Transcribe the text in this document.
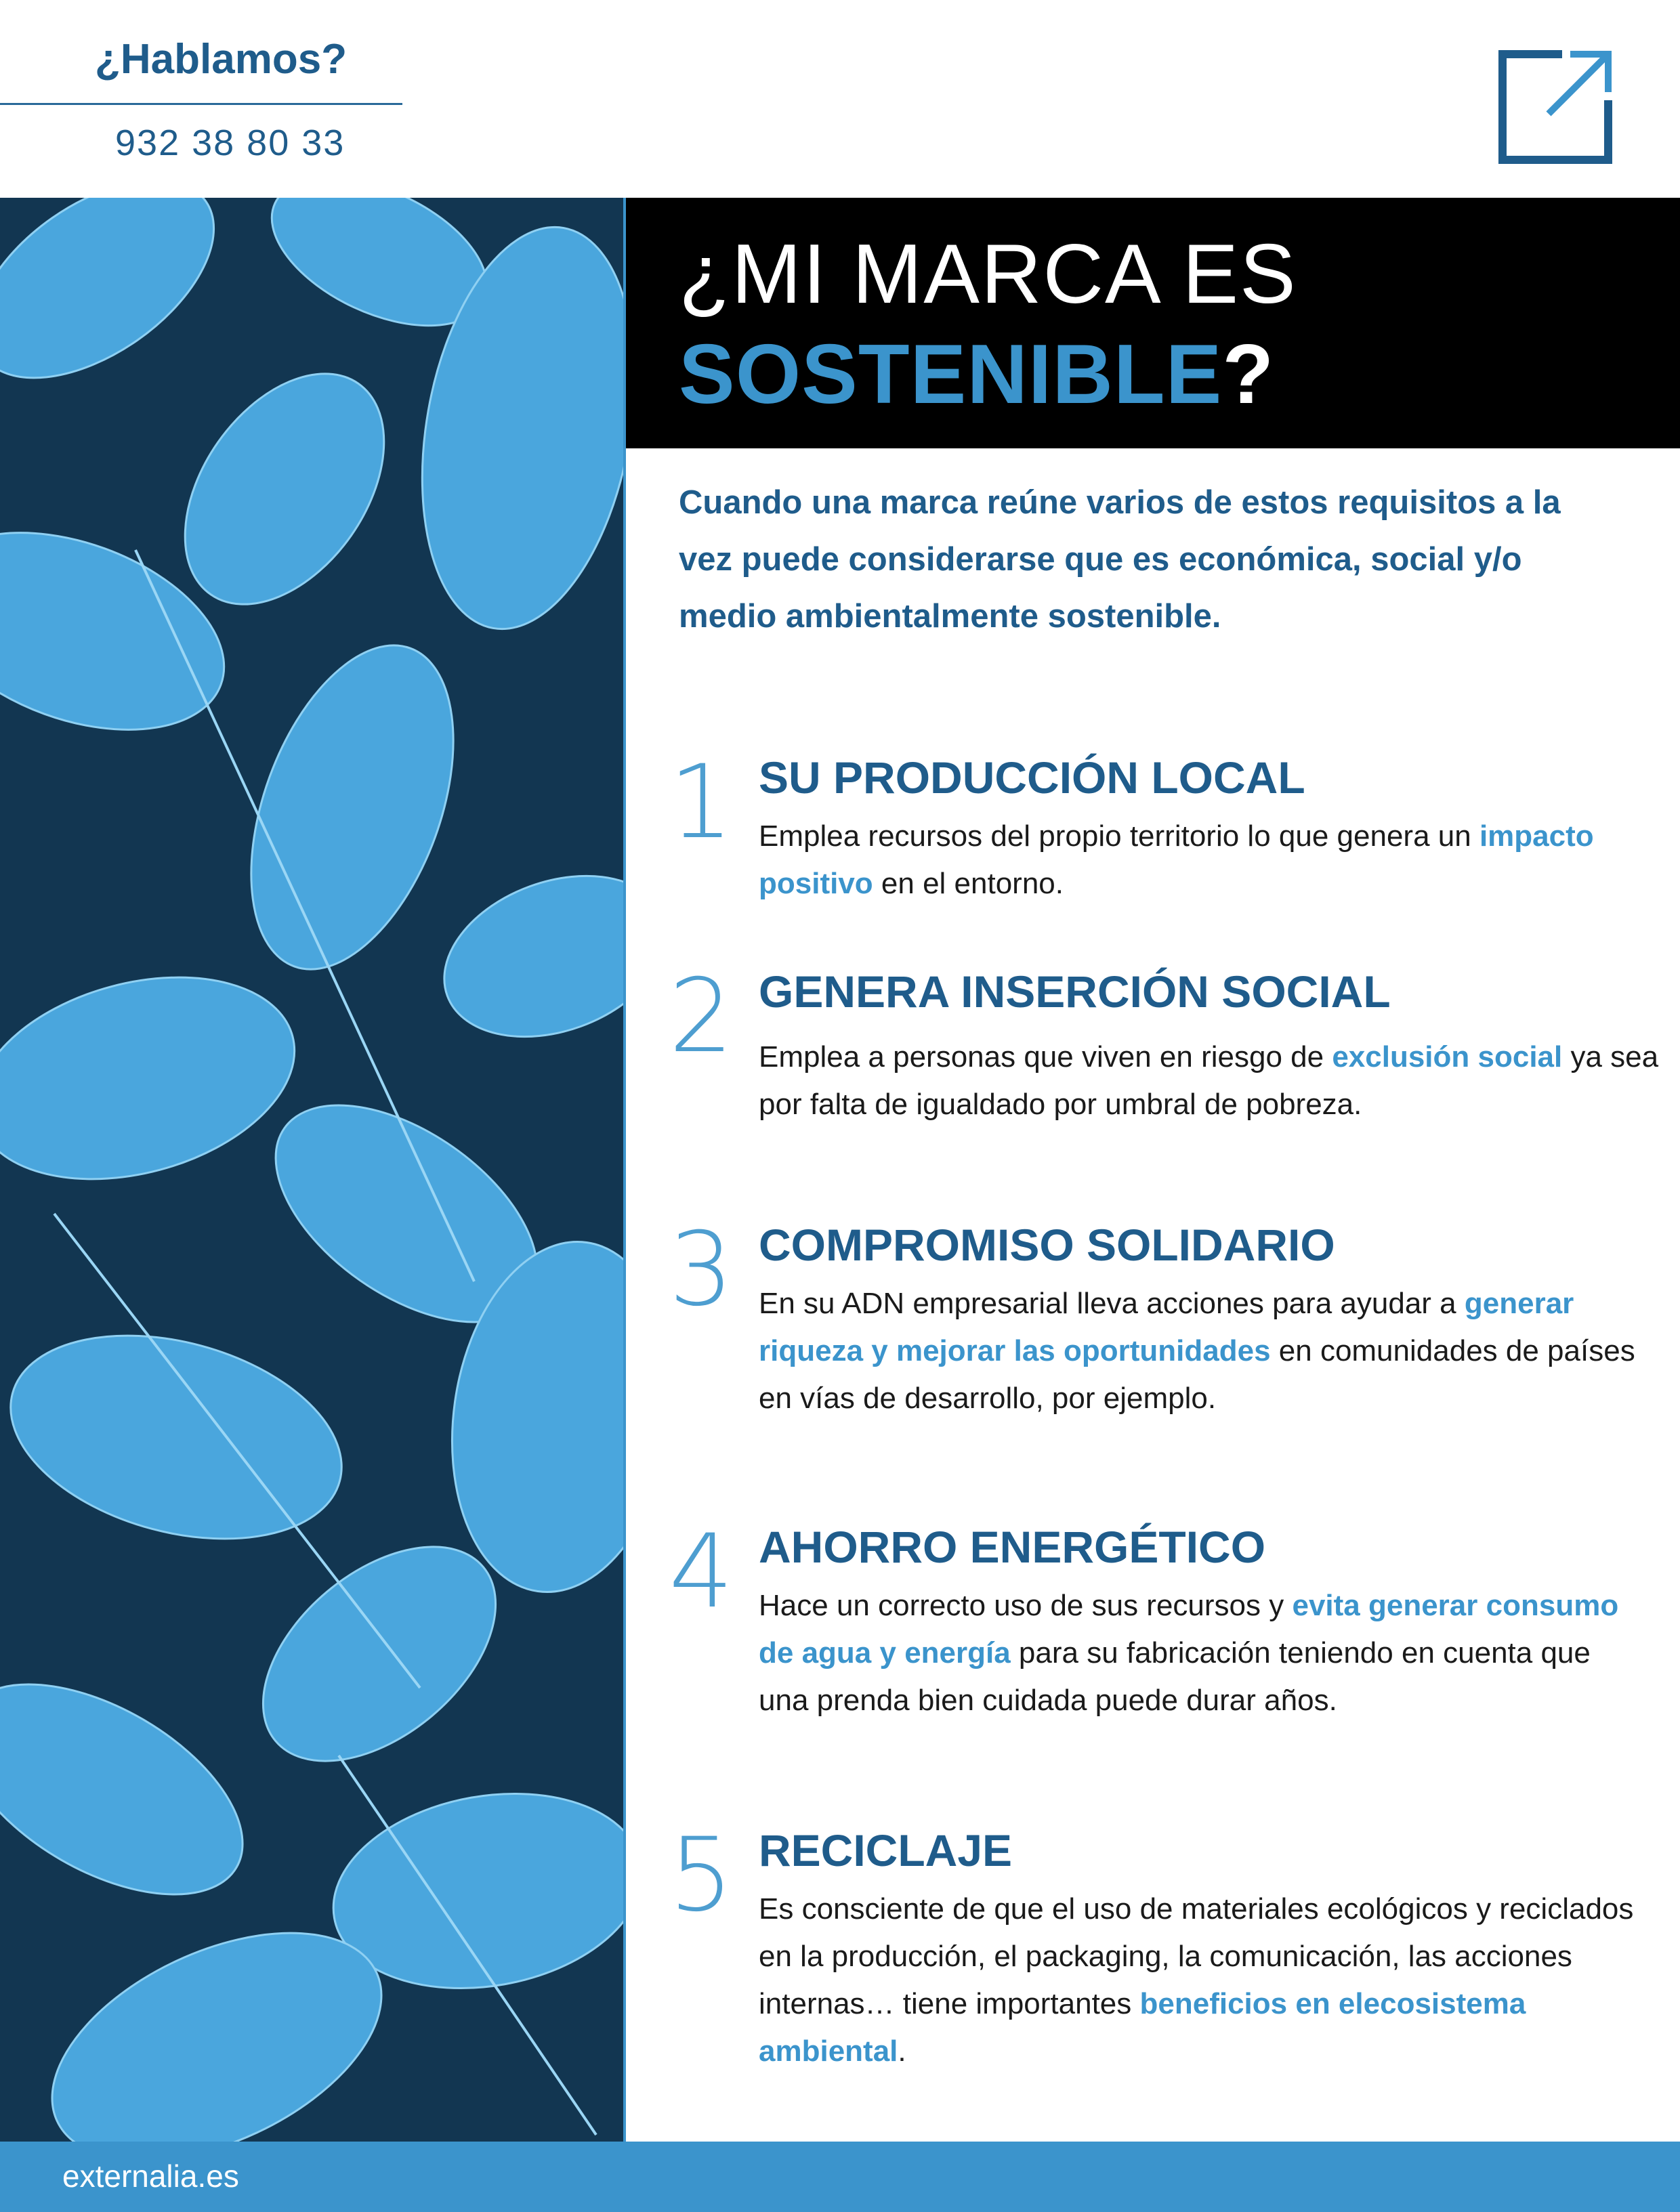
¿Hablamos?
932 38 80 33
¿MI MARCA ES
SOSTENIBLE?
Cuando una marca reúne varios de estos requisitos a la vez puede considerarse que es económica, social y/o medio ambientalmente sostenible.
1 SU PRODUCCIÓN LOCAL
Emplea recursos del propio territorio lo que genera un impacto positivo en el entorno.
2 GENERA INSERCIÓN SOCIAL
Emplea a personas que viven en riesgo de exclusión social ya sea por falta de igualdado por umbral de pobreza.
3 COMPROMISO SOLIDARIO
En su ADN empresarial lleva acciones para ayudar a generar riqueza y mejorar las oportunidades en comunidades de países en vías de desarrollo, por ejemplo.
4 AHORRO ENERGÉTICO
Hace un correcto uso de sus recursos y evita generar consumo de agua y energía para su fabricación teniendo en cuenta que una prenda bien cuidada puede durar años.
5 RECICLAJE
Es consciente de que el uso de materiales ecológicos y reciclados en la producción, el packaging, la comunicación, las acciones internas… tiene importantes beneficios en elecosistema ambiental.
externalia.es
